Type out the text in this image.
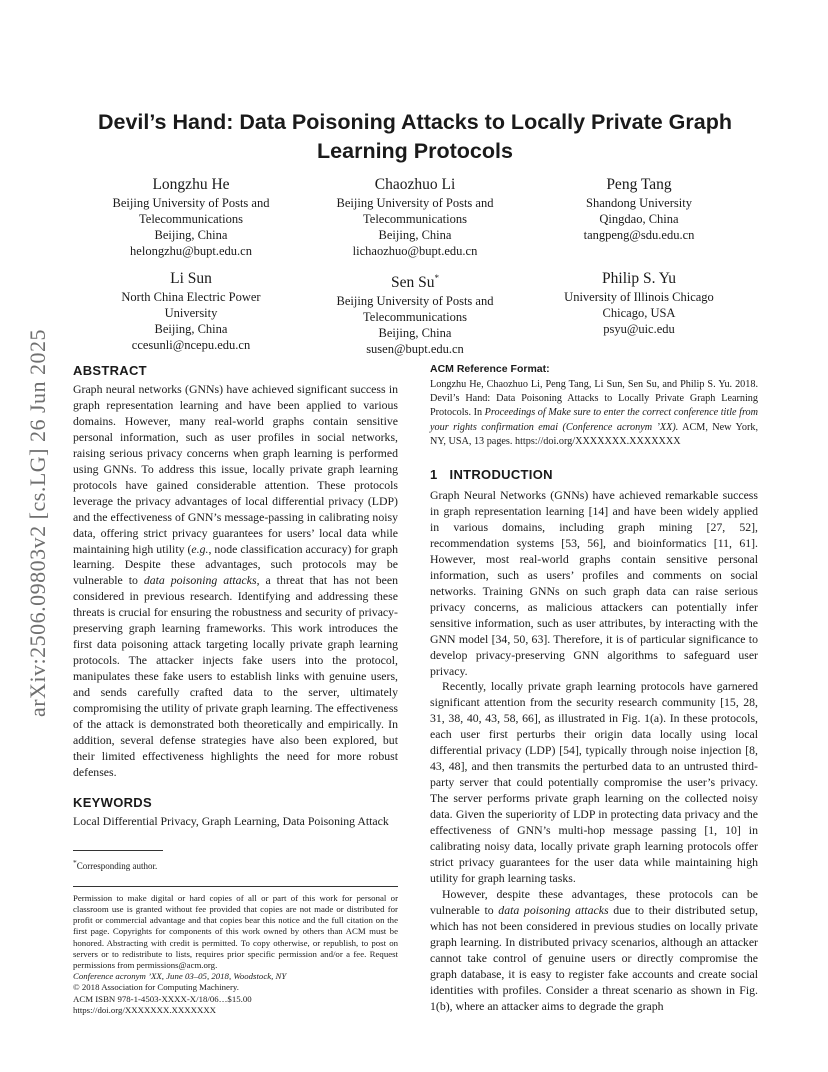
arXiv:2506.09803v2 [cs.LG] 26 Jun 2025
Devil’s Hand: Data Poisoning Attacks to Locally Private Graph Learning Protocols
Longzhu He
Beijing University of Posts and
Telecommunications
Beijing, China
helongzhu@bupt.edu.cn
Chaozhuo Li
Beijing University of Posts and
Telecommunications
Beijing, China
lichaozhuo@bupt.edu.cn
Peng Tang
Shandong University
Qingdao, China
tangpeng@sdu.edu.cn
Li Sun
North China Electric Power
University
Beijing, China
ccesunli@ncepu.edu.cn
Sen Su*
Beijing University of Posts and
Telecommunications
Beijing, China
susen@bupt.edu.cn
Philip S. Yu
University of Illinois Chicago
Chicago, USA
psyu@uic.edu
ABSTRACT

Graph neural networks (GNNs) have achieved significant success in graph representation learning and have been applied to various domains. However, many real-world graphs contain sensitive personal information, such as user profiles in social networks, raising serious privacy concerns when graph learning is performed using GNNs. To address this issue, locally private graph learning protocols have gained considerable attention. These protocols leverage the privacy advantages of local differential privacy (LDP) and the effectiveness of GNN’s message-passing in calibrating noisy data, offering strict privacy guarantees for users’ local data while maintaining high utility (e.g., node classification accuracy) for graph learning. Despite these advantages, such protocols may be vulnerable to data poisoning attacks, a threat that has not been considered in previous research. Identifying and addressing these threats is crucial for ensuring the robustness and security of privacy-preserving graph learning frameworks. This work introduces the first data poisoning attack targeting locally private graph learning protocols. The attacker injects fake users into the protocol, manipulates these fake users to establish links with genuine users, and sends carefully crafted data to the server, ultimately compromising the utility of private graph learning. The effectiveness of the attack is demonstrated both theoretically and empirically. In addition, several defense strategies have also been explored, but their limited effectiveness highlights the need for more robust defenses.

KEYWORDS

Local Differential Privacy, Graph Learning, Data Poisoning Attack

*Corresponding author.
Permission to make digital or hard copies of all or part of this work for personal or classroom use is granted without fee provided that copies are not made or distributed for profit or commercial advantage and that copies bear this notice and the full citation on the first page. Copyrights for components of this work owned by others than ACM must be honored. Abstracting with credit is permitted. To copy otherwise, or republish, to post on servers or to redistribute to lists, requires prior specific permission and/or a fee. Request permissions from permissions@acm.org.
Conference acronym ’XX, June 03–05, 2018, Woodstock, NY
© 2018 Association for Computing Machinery.
ACM ISBN 978-1-4503-XXXX-X/18/06…$15.00
https://doi.org/XXXXXXX.XXXXXXX
ACM Reference Format:

Longzhu He, Chaozhuo Li, Peng Tang, Li Sun, Sen Su, and Philip S. Yu. 2018. Devil’s Hand: Data Poisoning Attacks to Locally Private Graph Learning Protocols. In Proceedings of Make sure to enter the correct conference title from your rights confirmation emai (Conference acronym ’XX). ACM, New York, NY, USA, 13 pages. https://doi.org/XXXXXXX.XXXXXXX

1 INTRODUCTION

Graph Neural Networks (GNNs) have achieved remarkable success in graph representation learning [14] and have been widely applied in various domains, including graph mining [27, 52], recommendation systems [53, 56], and bioinformatics [11, 61]. However, most real-world graphs contain sensitive personal information, such as users’ profiles and comments on social networks. Training GNNs on such graph data can raise serious privacy concerns, as malicious attackers can potentially infer sensitive information, such as user attributes, by interacting with the GNN model [34, 50, 63]. Therefore, it is of particular significance to develop privacy-preserving GNN algorithms to safeguard user privacy.

Recently, locally private graph learning protocols have garnered significant attention from the security research community [15, 28, 31, 38, 40, 43, 58, 66], as illustrated in Fig. 1(a). In these protocols, each user first perturbs their origin data locally using local differential privacy (LDP) [54], typically through noise injection [8, 43, 48], and then transmits the perturbed data to an untrusted third-party server that could potentially compromise the user’s privacy. The server performs private graph learning on the collected noisy data. Given the superiority of LDP in protecting data privacy and the effectiveness of GNN’s multi-hop message passing [1, 10] in calibrating noisy data, locally private graph learning protocols offer strict privacy guarantees for the user data while maintaining high utility for graph learning tasks.

However, despite these advantages, these protocols can be vulnerable to data poisoning attacks due to their distributed setup, which has not been considered in previous studies on locally private graph learning. In distributed privacy scenarios, although an attacker cannot take control of genuine users or directly compromise the graph database, it is easy to register fake accounts and create social identities with profiles. Consider a threat scenario as shown in Fig. 1(b), where an attacker aims to degrade the graph
